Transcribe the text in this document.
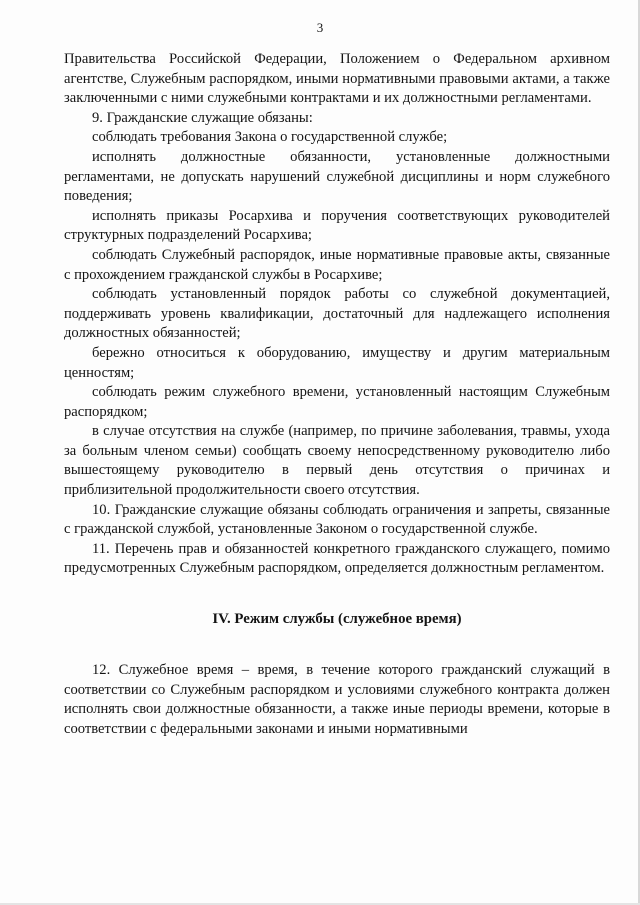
3

Правительства Российской Федерации, Положением о Федеральном архивном агентстве, Служебным распорядком, иными нормативными правовыми актами, а также заключенными с ними служебными контрактами и их должностными регламентами.

9. Гражданские служащие обязаны:

соблюдать требования Закона о государственной службе;

исполнять должностные обязанности, установленные должностными регламентами, не допускать нарушений служебной дисциплины и норм служебного поведения;

исполнять приказы Росархива и поручения соответствующих руководителей структурных подразделений Росархива;

соблюдать Служебный распорядок, иные нормативные правовые акты, связанные с прохождением гражданской службы в Росархиве;

соблюдать установленный порядок работы со служебной документацией, поддерживать уровень квалификации, достаточный для надлежащего исполнения должностных обязанностей;

бережно относиться к оборудованию, имуществу и другим материальным ценностям;

соблюдать режим служебного времени, установленный настоящим Служебным распорядком;

в случае отсутствия на службе (например, по причине заболевания, травмы, ухода за больным членом семьи) сообщать своему непосредственному руководителю либо вышестоящему руководителю в первый день отсутствия о причинах и приблизительной продолжительности своего отсутствия.

10. Гражданские служащие обязаны соблюдать ограничения и запреты, связанные с гражданской службой, установленные Законом о государственной службе.

11. Перечень прав и обязанностей конкретного гражданского служащего, помимо предусмотренных Служебным распорядком, определяется должностным регламентом.

IV. Режим службы (служебное время)

12. Служебное время – время, в течение которого гражданский служащий в соответствии со Служебным распорядком и условиями служебного контракта должен исполнять свои должностные обязанности, а также иные периоды времени, которые в соответствии с федеральными законами и иными нормативными
